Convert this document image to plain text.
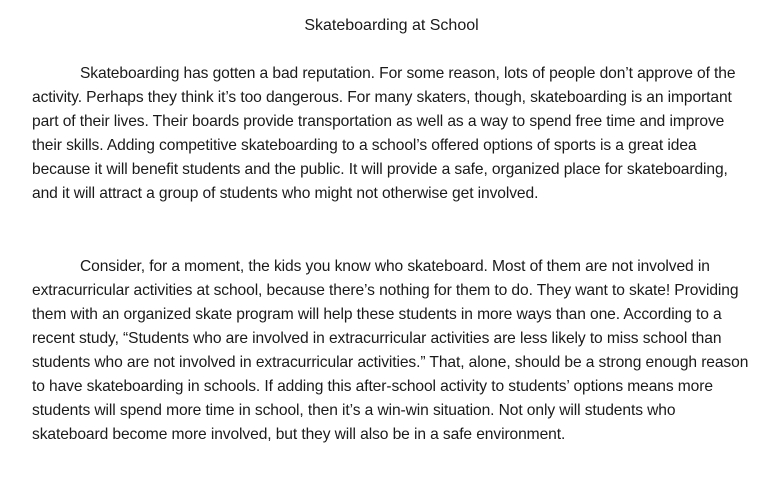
Skateboarding at School

Skateboarding has gotten a bad reputation. For some reason, lots of people don’t approve of the activity. Perhaps they think it’s too dangerous. For many skaters, though, skateboarding is an important part of their lives. Their boards provide transportation as well as a way to spend free time and improve their skills. Adding competitive skateboarding to a school’s offered options of sports is a great idea because it will benefit students and the public. It will provide a safe, organized place for skateboarding, and it will attract a group of students who might not otherwise get involved.

Consider, for a moment, the kids you know who skateboard. Most of them are not involved in extracurricular activities at school, because there’s nothing for them to do. They want to skate! Providing them with an organized skate program will help these students in more ways than one. According to a recent study, “Students who are involved in extracurricular activities are less likely to miss school than students who are not involved in extracurricular activities.” That, alone, should be a strong enough reason to have skateboarding in schools. If adding this after-school activity to students’ options means more students will spend more time in school, then it’s a win-win situation. Not only will students who skateboard become more involved, but they will also be in a safe environment.
